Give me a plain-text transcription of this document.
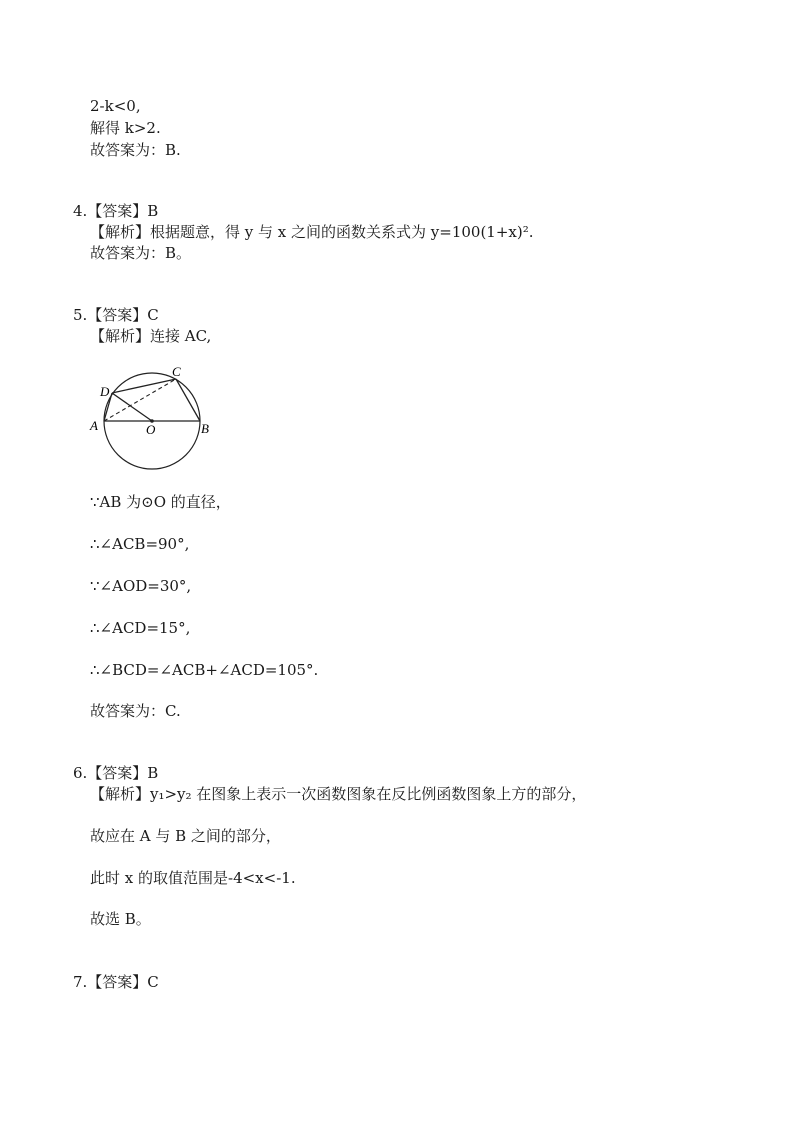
2-k<0,
解得 k>2.
故答案为：B.
4.【答案】B
【解析】根据题意，得 y 与 x 之间的函数关系式为 y=100(1+x)².
故答案为：B。
5.【答案】C
【解析】连接 AC,
∵AB 为⊙O 的直径，
∴∠ACB=90°,
∵∠AOD=30°,
∴∠ACD=15°,
∴∠BCD=∠ACB+∠ACD=105°.
故答案为：C.
6.【答案】B
【解析】y₁>y₂ 在图象上表示一次函数图象在反比例函数图象上方的部分，
故应在 A 与 B 之间的部分，
此时 x 的取值范围是-4<x<-1.
故选 B。
7.【答案】C
A	B
C
D
O
